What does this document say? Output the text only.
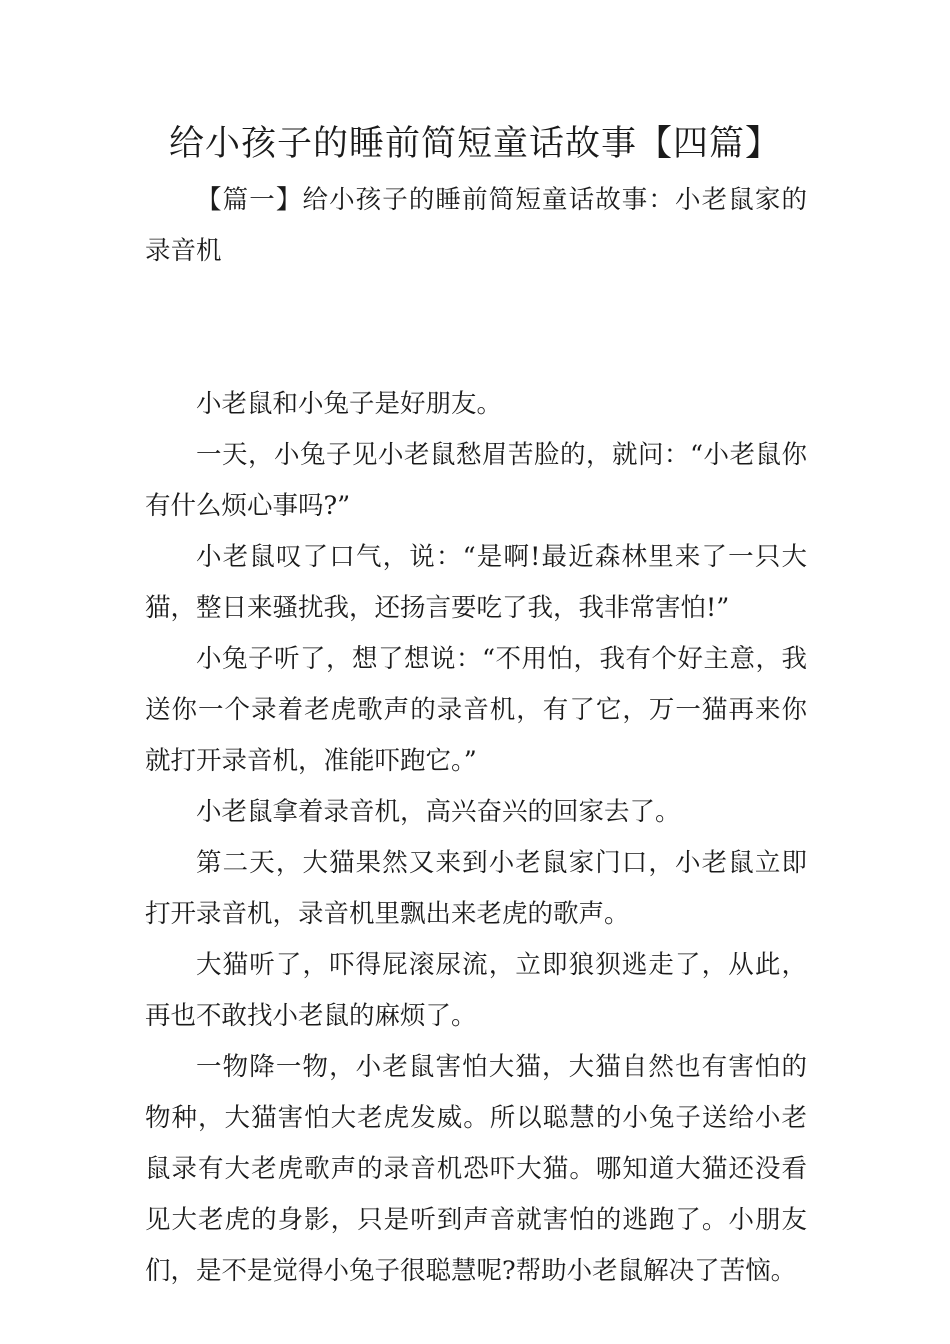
给小孩子的睡前简短童话故事【四篇】

【篇一】给小孩子的睡前简短童话故事：小老鼠家的录音机

小老鼠和小兔子是好朋友。

一天，小兔子见小老鼠愁眉苦脸的，就问：“小老鼠你有什么烦心事吗?”

小老鼠叹了口气，说：“是啊!最近森林里来了一只大猫，整日来骚扰我，还扬言要吃了我，我非常害怕!”

小兔子听了，想了想说：“不用怕，我有个好主意，我送你一个录着老虎歌声的录音机，有了它，万一猫再来你就打开录音机，准能吓跑它。”

小老鼠拿着录音机，高兴奋兴的回家去了。

第二天，大猫果然又来到小老鼠家门口，小老鼠立即打开录音机，录音机里飘出来老虎的歌声。

大猫听了，吓得屁滚尿流，立即狼狈逃走了，从此，再也不敢找小老鼠的麻烦了。

一物降一物，小老鼠害怕大猫，大猫自然也有害怕的物种，大猫害怕大老虎发威。所以聪慧的小兔子送给小老鼠录有大老虎歌声的录音机恐吓大猫。哪知道大猫还没看见大老虎的身影，只是听到声音就害怕的逃跑了。小朋友们，是不是觉得小兔子很聪慧呢?帮助小老鼠解决了苦恼。
